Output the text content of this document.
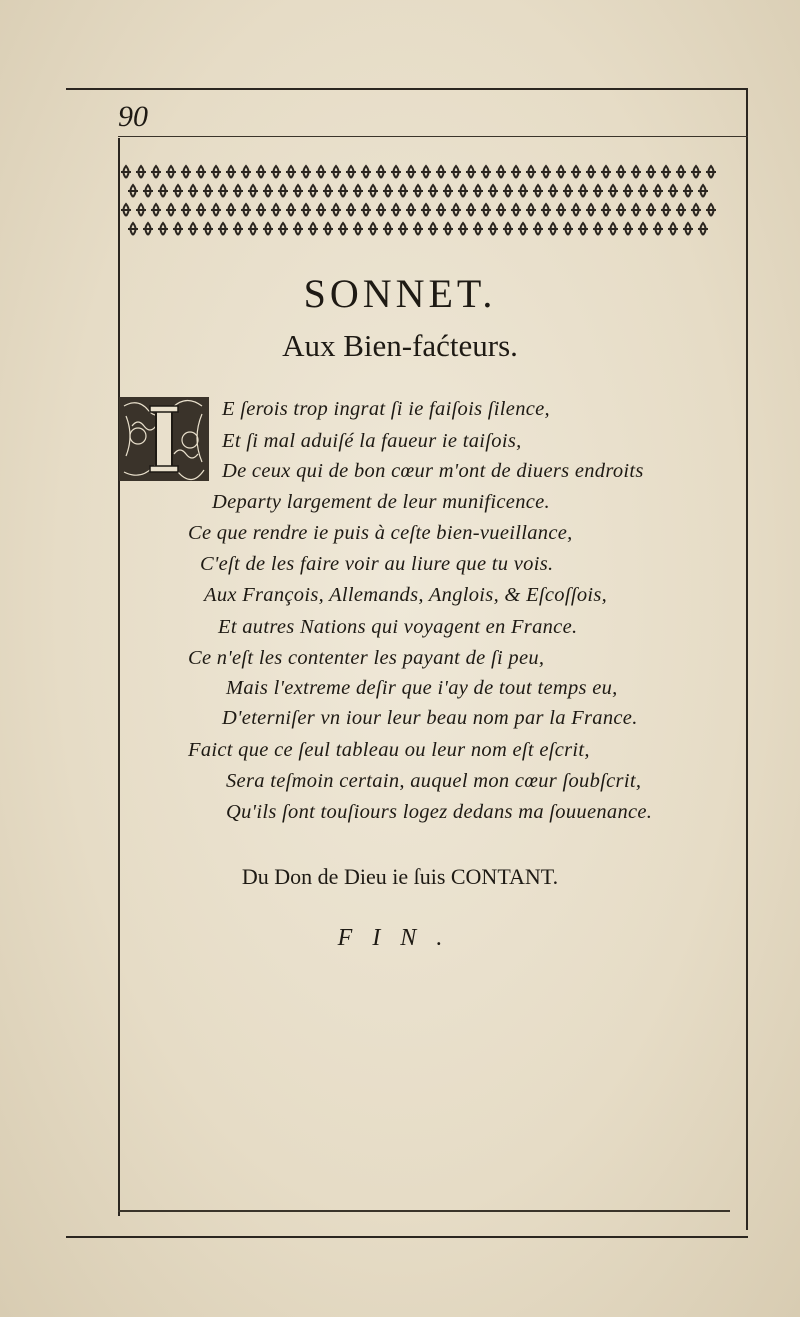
90
SONNET.
Aux Bien-faćteurs.
E ſerois trop ingrat ſi ie faiſois ſilence,
Et ſi mal aduiſé la faueur ie taiſois,
De ceux qui de bon cœur m'ont de diuers endroits
Departy largement de leur munificence.
Ce que rendre ie puis à ceſte bien-vueillance,
C'eſt de les faire voir au liure que tu vois.
Aux François, Allemands, Anglois, & Eſcoſſois,
Et autres Nations qui voyagent en France.
Ce n'eſt les contenter les payant de ſi peu,
Mais l'extreme deſir que i'ay de tout temps eu,
D'eterniſer vn iour leur beau nom par la France.
Faict que ce ſeul tableau ou leur nom eſt eſcrit,
Sera teſmoin certain, auquel mon cœur ſoubſcrit,
Qu'ils ſont touſiours logez dedans ma ſouuenance.
Du Don de Dieu ie ſuis CONTANT.
FIN.
